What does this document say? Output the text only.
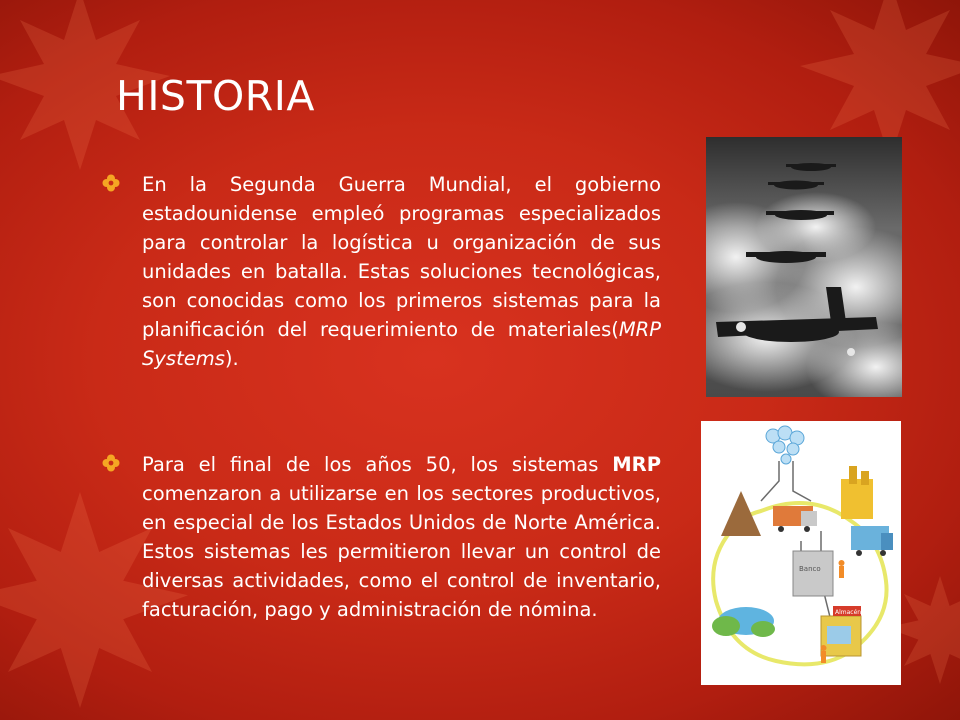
HISTORIA
En la Segunda Guerra Mundial, el gobierno estadounidense empleó programas especializados para controlar la logística u organización de sus unidades en batalla. Estas soluciones tecnológicas, son conocidas como los primeros sistemas para la planificación del requerimiento de materiales(MRP Systems).
Para el final de los años 50, los sistemas MRP comenzaron a utilizarse en los sectores productivos, en especial de los Estados Unidos de Norte América. Estos sistemas les permitieron llevar un control de diversas actividades, como el control de inventario, facturación, pago y administración de nómina.
Banco
Almacén
